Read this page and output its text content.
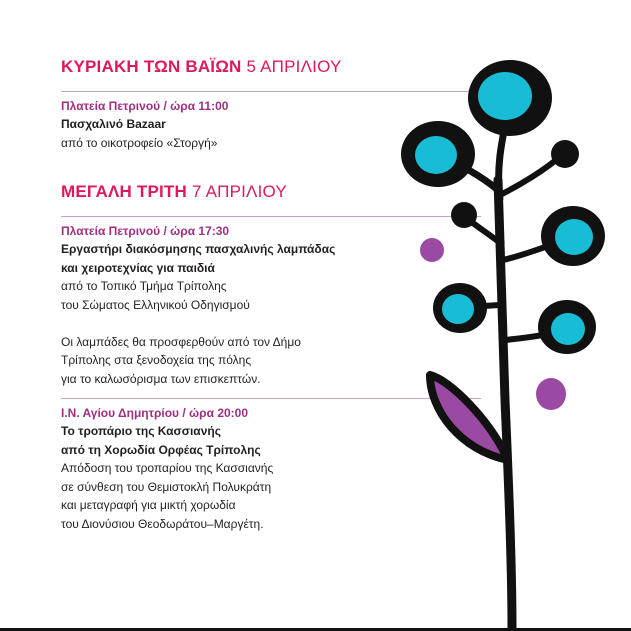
ΚΥΡΙΑΚΗ ΤΩΝ ΒΑΪΩΝ 5 ΑΠΡΙΛΙΟΥ
Πλατεία Πετρινού / ώρα 11:00
Πασχαλινό Bazaar
από το οικοτροφείο «Στοργή»
ΜΕΓΑΛΗ ΤΡΙΤΗ 7 ΑΠΡΙΛΙΟΥ
Πλατεία Πετρινού / ώρα 17:30
Εργαστήρι διακόσμησης πασχαλινής λαμπάδας
και χειροτεχνίας για παιδιά
από το Τοπικό Τμήμα Τρίπολης
του Σώματος Ελληνικού Οδηγισμού
Οι λαμπάδες θα προσφερθούν από τον Δήμο
Τρίπολης στα ξενοδοχεία της πόλης
για το καλωσόρισμα των επισκεπτών.
Ι.Ν. Αγίου Δημητρίου / ώρα 20:00
Το τροπάριο της Κασσιανής
από τη Χορωδία Ορφέας Τρίπολης
Απόδοση του τροπαρίου της Κασσιανής
σε σύνθεση του Θεμιστοκλή Πολυκράτη
και μεταγραφή για μικτή χορωδία
του Διονύσιου Θεοδωράτου–Μαργέτη.
